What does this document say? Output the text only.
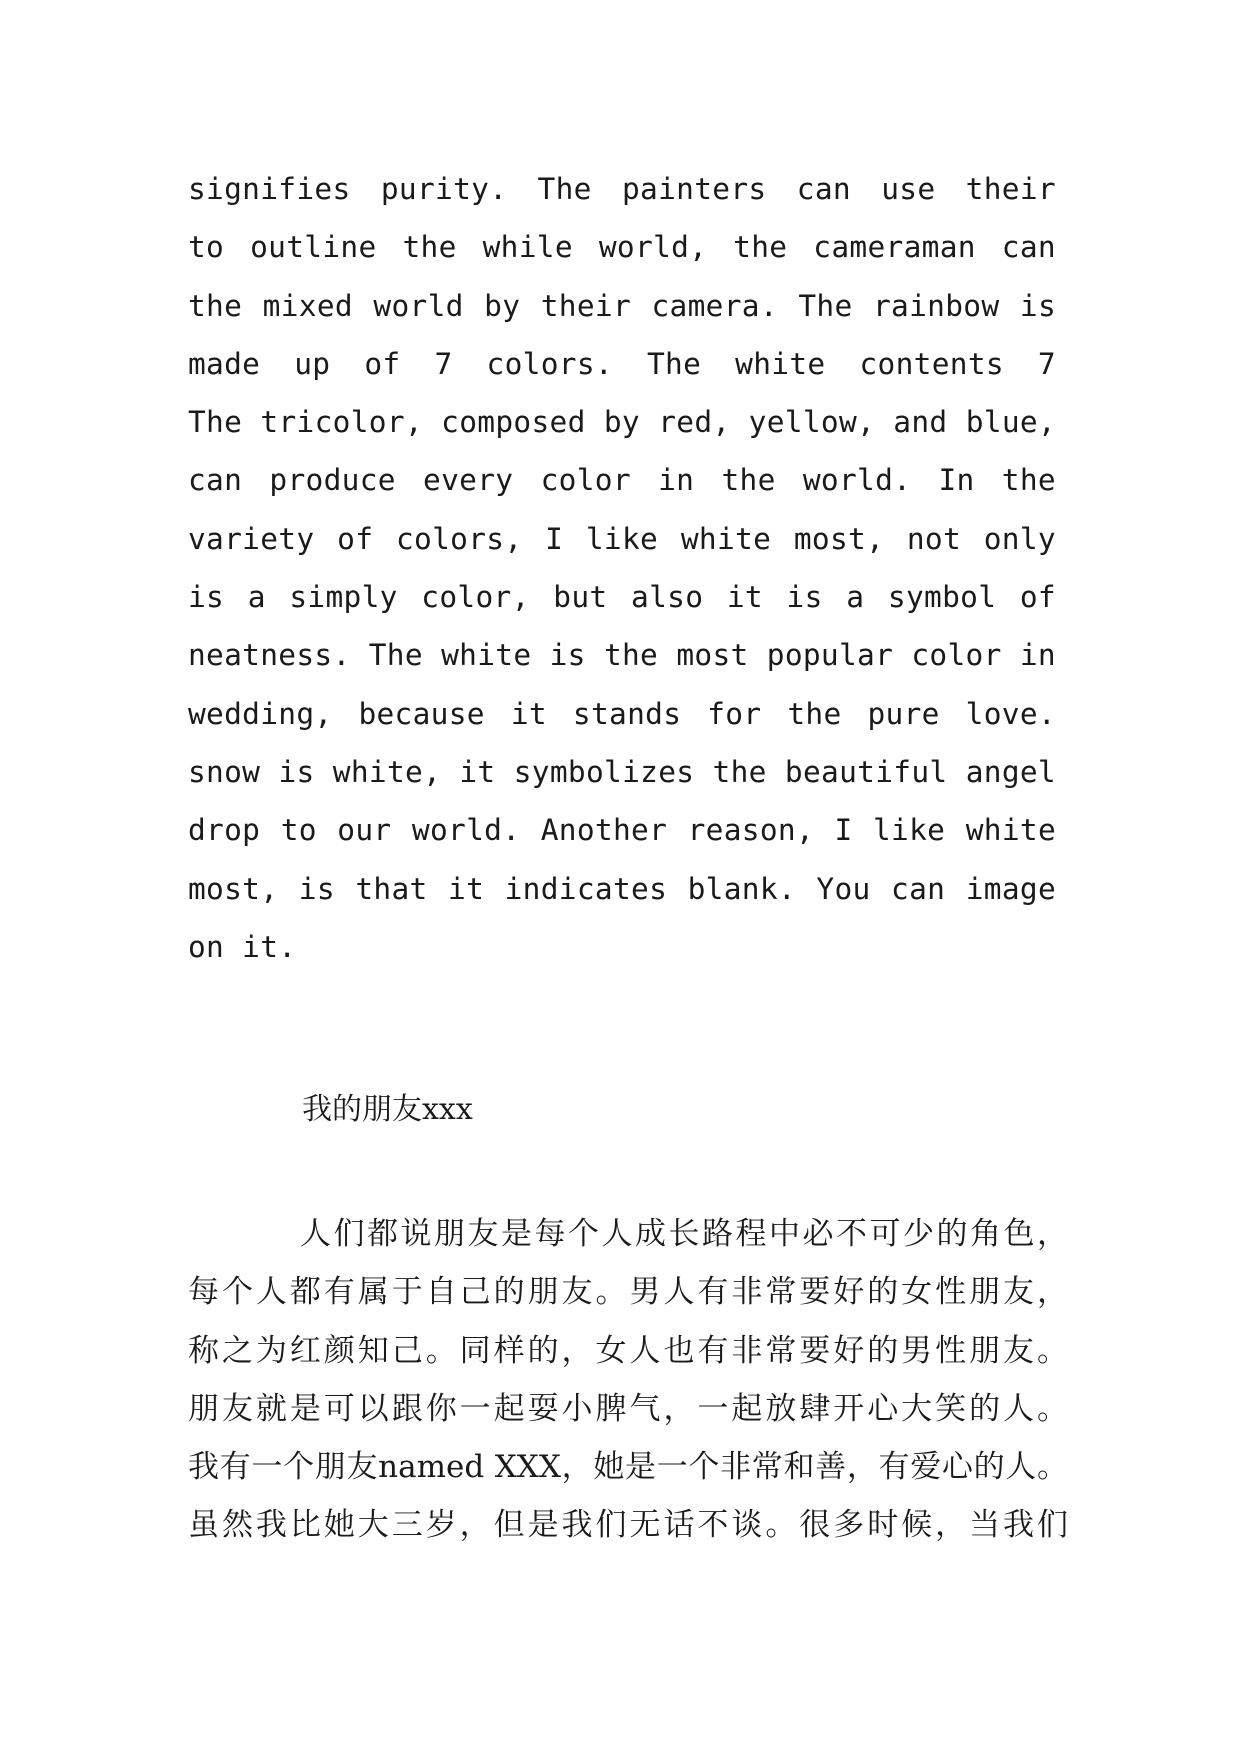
signifies purity. The painters can use their
to outline the while world, the cameraman can
the mixed world by their camera. The rainbow is
made up of 7 colors. The white contents 7
The tricolor, composed by red, yellow, and blue,
can produce every color in the world. In the
variety of colors, I like white most, not only
is a simply color, but also it is a symbol of
neatness. The white is the most popular color in
wedding, because it stands for the pure love.
snow is white, it symbolizes the beautiful angel
drop to our world. Another reason, I like white
most, is that it indicates blank. You can image
on it.
我的朋友xxx
人们都说朋友是每个人成长路程中必不可少的角色，
每个人都有属于自己的朋友。男人有非常要好的女性朋友，
称之为红颜知己。同样的，女人也有非常要好的男性朋友。
朋友就是可以跟你一起耍小脾气，一起放肆开心大笑的人。
我有一个朋友named XXX，她是一个非常和善，有爱心的人。
虽然我比她大三岁，但是我们无话不谈。很多时候，当我们
